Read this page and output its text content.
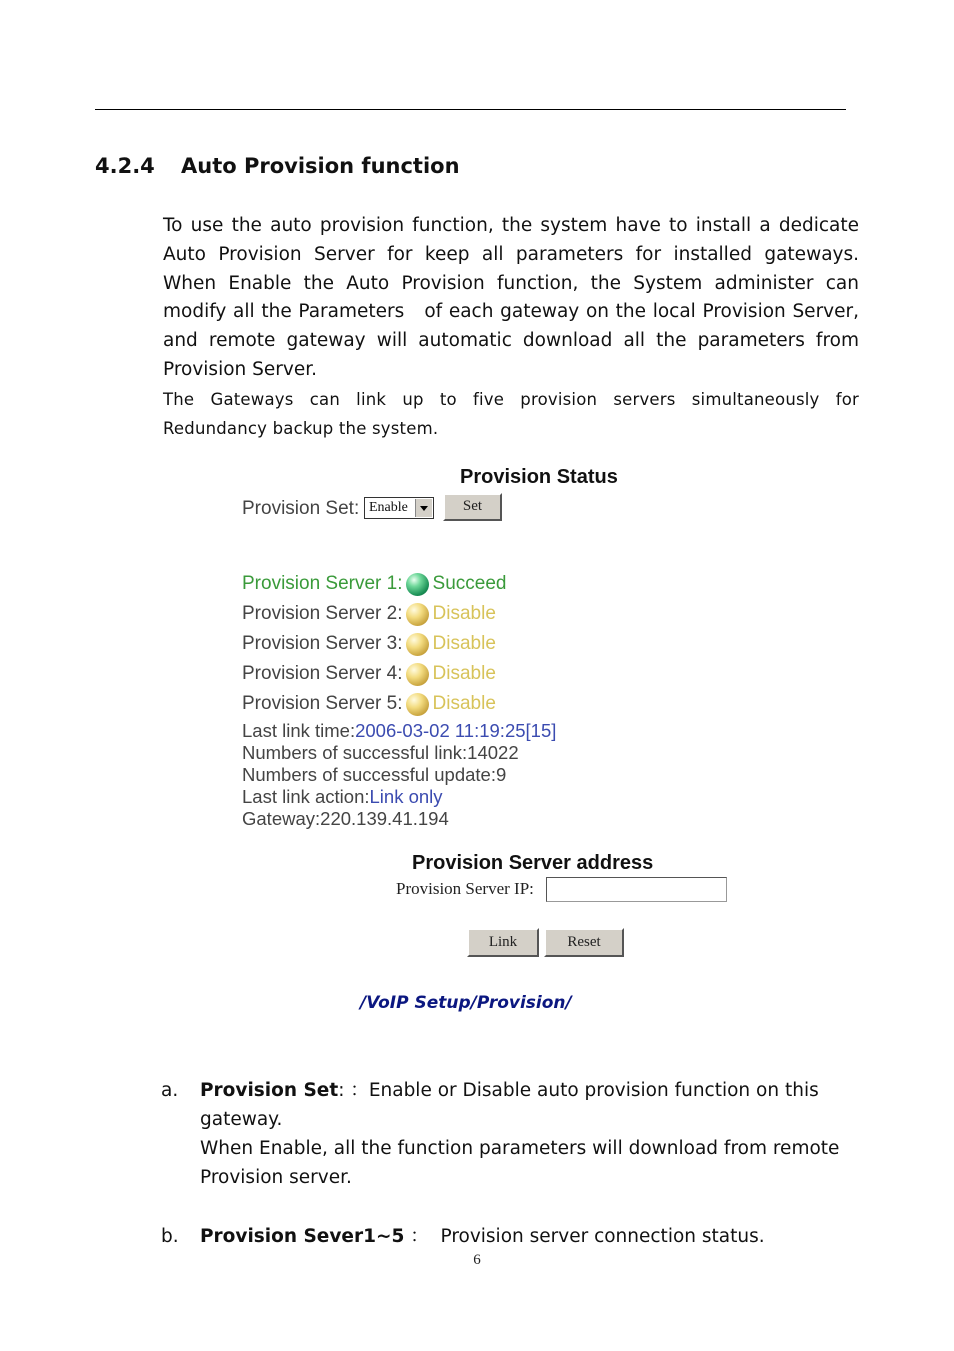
4.2.4 Auto Provision function

To use the auto provision function, the system have to install a dedicate Auto Provision Server for keep all parameters for installed gateways. When Enable the Auto Provision function, the System administer can modify all the Parameters   of each gateway on the local Provision Server, and remote gateway will automatic download all the parameters from Provision Server.

The Gateways can link up to five provision servers simultaneously for Redundancy backup the system.

Provision Status
Provision Set: Enable	Set
Provision Server 1: Succeed
Provision Server 2: Disable
Provision Server 3: Disable
Provision Server 4: Disable
Provision Server 5: Disable
Last link time:2006-03-02 11:19:25[15]
Numbers of successful link:14022
Numbers of successful update:9
Last link action:Link only
Gateway:220.139.41.194
Provision Server address
Provision Server IP:
Link	Reset
/VoIP Setup/Provision/
a. Provision Set: ：Enable or Disable auto provision function on this gateway.
When Enable, all the function parameters will download from remote Provision server.
b. Provision Sever1~5 ：  Provision server connection status.
6
